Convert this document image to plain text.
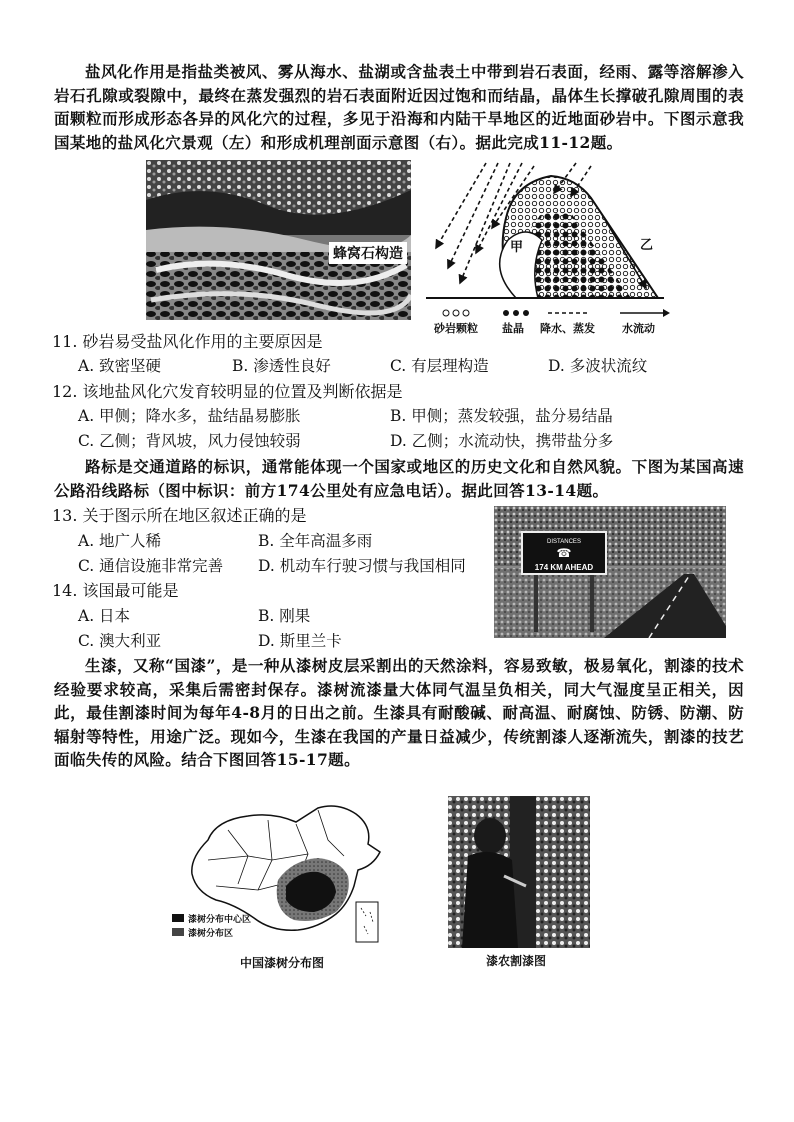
盐风化作用是指盐类被风、雾从海水、盐湖或含盐表土中带到岩石表面，经雨、露等溶解渗入岩石孔隙或裂隙中，最终在蒸发强烈的岩石表面附近因过饱和而结晶，晶体生长撑破孔隙周围的表面颗粒而形成形态各异的风化穴的过程，多见于沿海和内陆干旱地区的近地面砂岩中。下图示意我国某地的盐风化穴景观（左）和形成机理剖面示意图（右）。据此完成11-12题。
蜂窝石构造	甲	乙
砂岩颗粒 盐晶 降水、蒸发 水流动
11. 砂岩易受盐风化作用的主要原因是
A. 致密坚硬	B. 渗透性良好	C. 有层理构造	D. 多波状流纹
12. 该地盐风化穴发育较明显的位置及判断依据是
A. 甲侧；降水多，盐结晶易膨胀	B. 甲侧；蒸发较强，盐分易结晶
C. 乙侧；背风坡，风力侵蚀较弱	D. 乙侧；水流动快，携带盐分多
路标是交通道路的标识，通常能体现一个国家或地区的历史文化和自然风貌。下图为某国高速公路沿线路标（图中标识：前方174公里处有应急电话）。据此回答13-14题。
DISTANCES
☎
174 KM AHEAD
13. 关于图示所在地区叙述正确的是
A. 地广人稀	B. 全年高温多雨
C. 通信设施非常完善 D. 机动车行驶习惯与我国相同
14. 该国最可能是
A. 日本	B. 刚果
C. 澳大利亚	D. 斯里兰卡
生漆，又称“国漆”，是一种从漆树皮层采割出的天然涂料，容易致敏，极易氧化，割漆的技术经验要求较高，采集后需密封保存。漆树流漆量大体同气温呈负相关，同大气湿度呈正相关，因此，最佳割漆时间为每年4-8月的日出之前。生漆具有耐酸碱、耐高温、耐腐蚀、防锈、防潮、防辐射等特性，用途广泛。现如今，生漆在我国的产量日益减少，传统割漆人逐渐流失，割漆的技艺面临失传的风险。结合下图回答15-17题。
漆树分布中心区
漆树分布区
中国漆树分布图	漆农割漆图
